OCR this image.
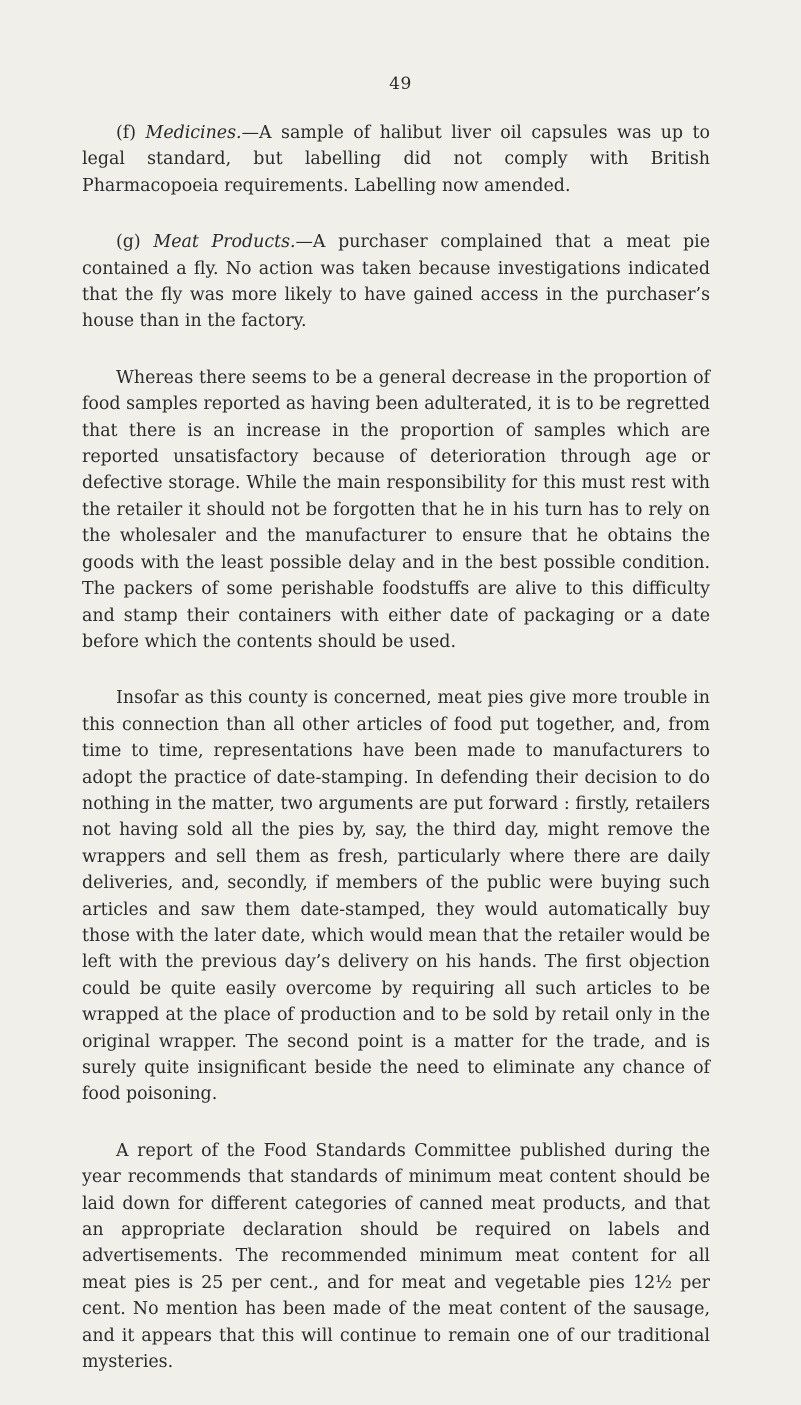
49

(f) Medicines.—A sample of halibut liver oil capsules was up to legal standard, but labelling did not comply with British Pharmacopoeia requirements. Labelling now amended.

(g) Meat Products.—A purchaser complained that a meat pie contained a fly. No action was taken because investigations indicated that the fly was more likely to have gained access in the purchaser’s house than in the factory.

Whereas there seems to be a general decrease in the proportion of food samples reported as having been adulterated, it is to be regretted that there is an increase in the proportion of samples which are reported unsatisfactory because of deterioration through age or defective storage. While the main responsibility for this must rest with the retailer it should not be forgotten that he in his turn has to rely on the wholesaler and the manufacturer to ensure that he obtains the goods with the least possible delay and in the best possible condition. The packers of some perishable foodstuffs are alive to this difficulty and stamp their containers with either date of packaging or a date before which the contents should be used.

Insofar as this county is concerned, meat pies give more trouble in this connection than all other articles of food put together, and, from time to time, representations have been made to manufacturers to adopt the practice of date-stamping. In defending their decision to do nothing in the matter, two arguments are put forward : firstly, retailers not having sold all the pies by, say, the third day, might remove the wrappers and sell them as fresh, particularly where there are daily deliveries, and, secondly, if members of the public were buying such articles and saw them date-stamped, they would automatically buy those with the later date, which would mean that the retailer would be left with the previous day’s delivery on his hands. The first objection could be quite easily overcome by requiring all such articles to be wrapped at the place of production and to be sold by retail only in the original wrapper. The second point is a matter for the trade, and is surely quite insignificant beside the need to eliminate any chance of food poisoning.

A report of the Food Standards Committee published during the year recommends that standards of minimum meat content should be laid down for different categories of canned meat products, and that an appropriate declaration should be required on labels and advertisements. The recommended minimum meat content for all meat pies is 25 per cent., and for meat and vegetable pies 12½ per cent. No mention has been made of the meat content of the sausage, and it appears that this will continue to remain one of our traditional mysteries.
